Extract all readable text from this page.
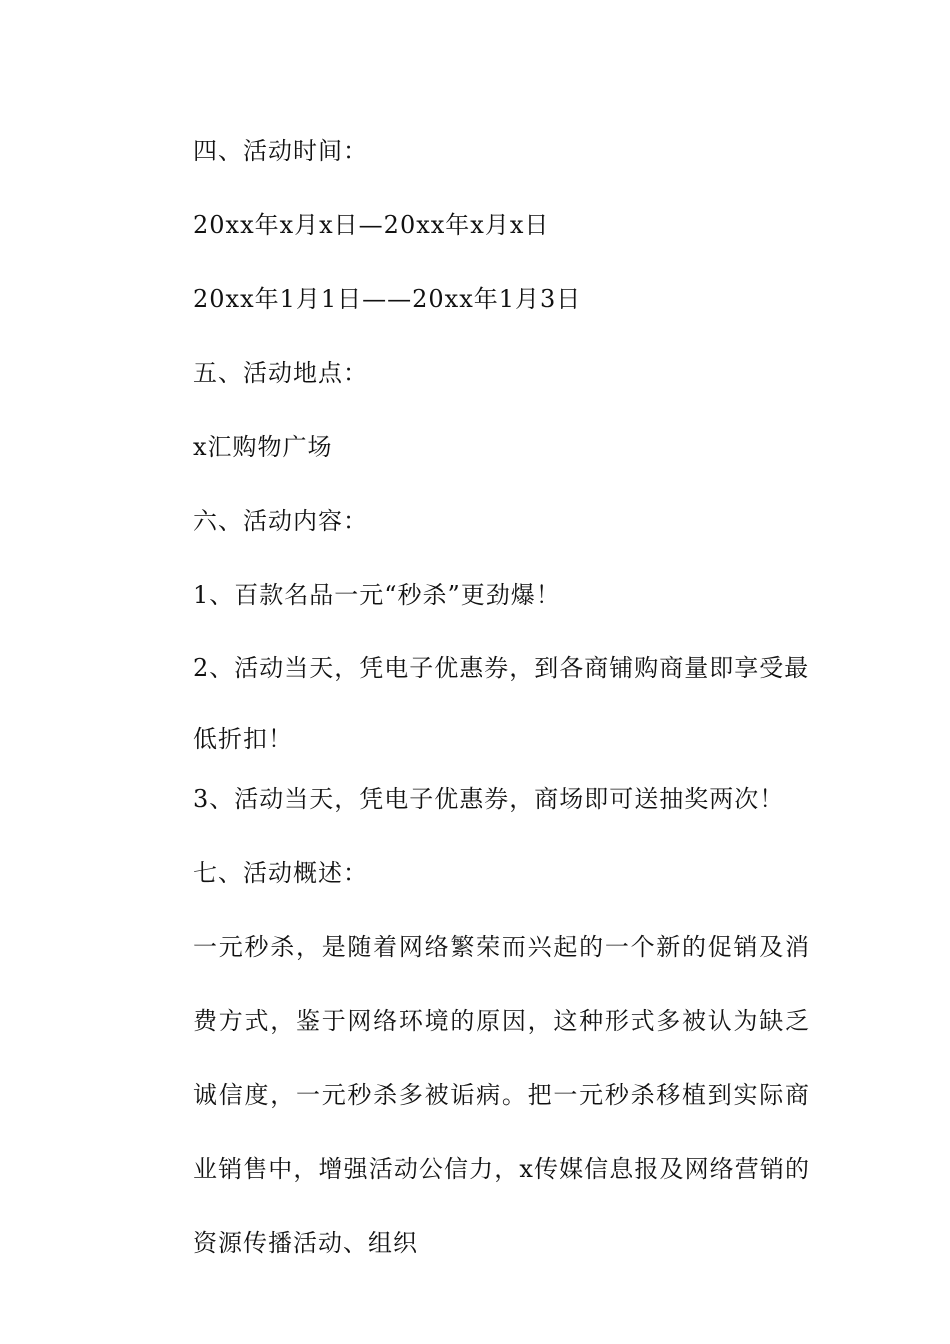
四、活动时间：

20xx年x月x日—20xx年x月x日

20xx年1月1日——20xx年1月3日

五、活动地点：

x汇购物广场

六、活动内容：

1、百款名品一元“秒杀”更劲爆！

2、活动当天，凭电子优惠券，到各商铺购商量即享受最低折扣！

3、活动当天，凭电子优惠券，商场即可送抽奖两次！

七、活动概述：

一元秒杀，是随着网络繁荣而兴起的一个新的促销及消费方式，鉴于网络环境的原因，这种形式多被认为缺乏诚信度，一元秒杀多被诟病。把一元秒杀移植到实际商业销售中，增强活动公信力，x传媒信息报及网络营销的资源传播活动、组织
